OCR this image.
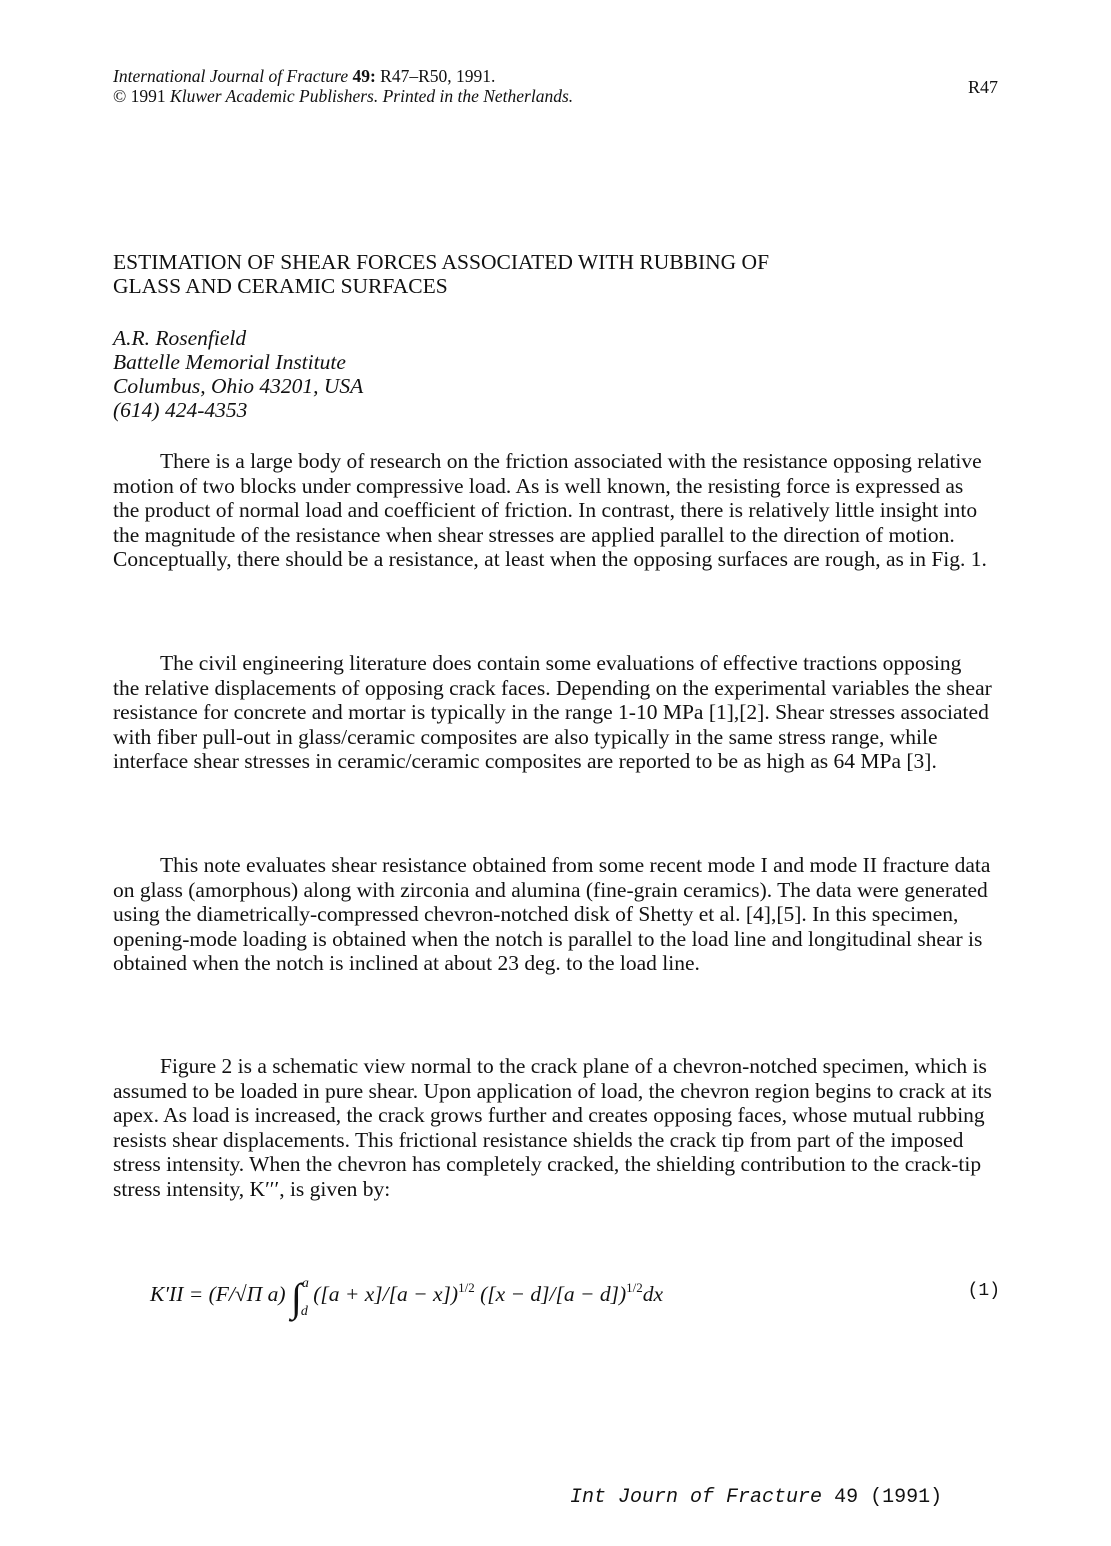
International Journal of Fracture 49: R47–R50, 1991.
© 1991 Kluwer Academic Publishers. Printed in the Netherlands.	R47
ESTIMATION OF SHEAR FORCES ASSOCIATED WITH RUBBING OF
GLASS AND CERAMIC SURFACES
A.R. Rosenfield
Battelle Memorial Institute
Columbus, Ohio 43201, USA
(614) 424-4353

There is a large body of research on the friction associated with the resistance opposing relative motion of two blocks under compressive load. As is well known, the resisting force is expressed as the product of normal load and coefficient of friction. In contrast, there is relatively little insight into the magnitude of the resistance when shear stresses are applied parallel to the direction of motion. Conceptually, there should be a resistance, at least when the opposing surfaces are rough, as in Fig. 1.

The civil engineering literature does contain some evaluations of effective tractions opposing the relative displacements of opposing crack faces. Depending on the experimental variables the shear resistance for concrete and mortar is typically in the range 1-10 MPa [1],[2]. Shear stresses associated with fiber pull-out in glass/ceramic composites are also typically in the same stress range, while interface shear stresses in ceramic/ceramic composites are reported to be as high as 64 MPa [3].

This note evaluates shear resistance obtained from some recent mode I and mode II fracture data on glass (amorphous) along with zirconia and alumina (fine-grain ceramics). The data were generated using the diametrically-compressed chevron-notched disk of Shetty et al. [4],[5]. In this specimen, opening-mode loading is obtained when the notch is parallel to the load line and longitudinal shear is obtained when the notch is inclined at about 23 deg. to the load line.

Figure 2 is a schematic view normal to the crack plane of a chevron-notched specimen, which is assumed to be loaded in pure shear. Upon application of load, the chevron region begins to crack at its apex. As load is increased, the crack grows further and creates opposing faces, whose mutual rubbing resists shear displacements. This frictional resistance shields the crack tip from part of the imposed stress intensity. When the chevron has completely cracked, the shielding contribution to the crack-tip stress intensity, K′′′, is given by:

K′II = (F/√Π a) ∫$^a_d$ $([a + x]/[a - x])^{1/2}$ $([x - d]/[a - d])^{1/2}dx$	(1)
Int Journ of Fracture 49 (1991)
